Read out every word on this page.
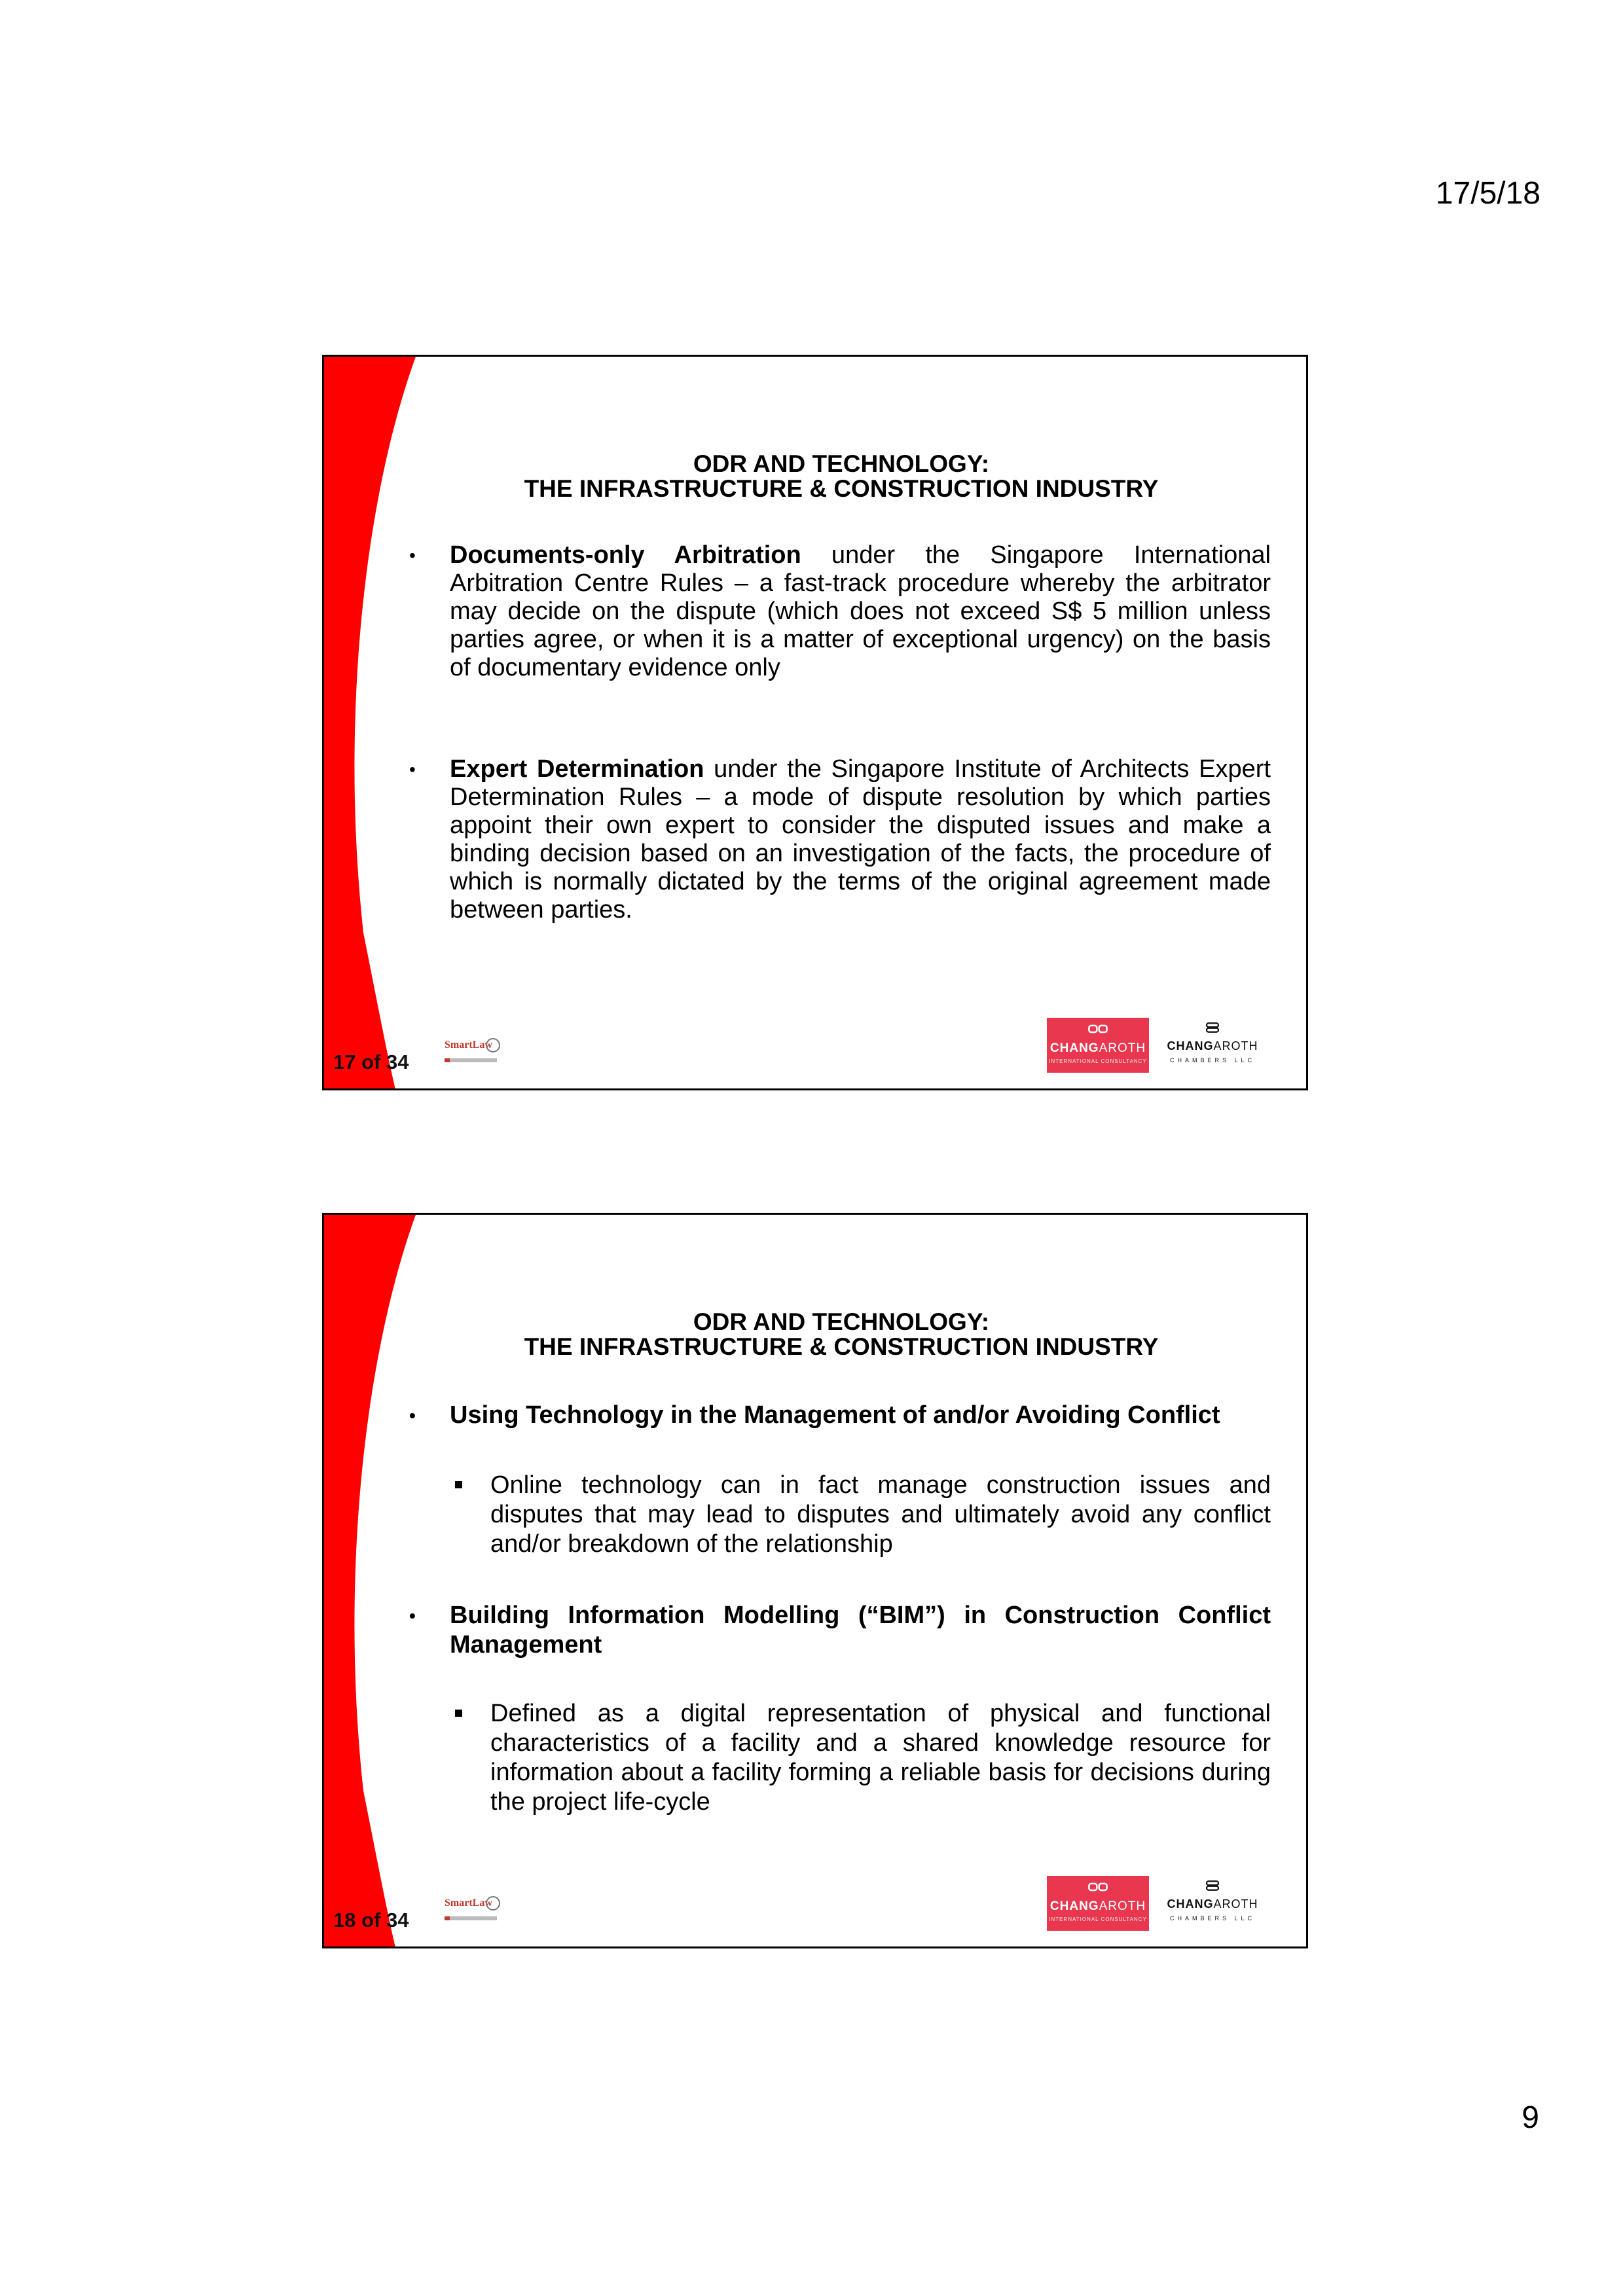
17/5/18
ODR AND TECHNOLOGY:
THE INFRASTRUCTURE & CONSTRUCTION INDUSTRY
• Documents-only Arbitration under the Singapore International Arbitration Centre Rules – a fast-track procedure whereby the arbitrator may decide on the dispute (which does not exceed S$ 5 million unless parties agree, or when it is a matter of exceptional urgency) on the basis of documentary evidence only
• Expert Determination under the Singapore Institute of Architects Expert Determination Rules – a mode of dispute resolution by which parties appoint their own expert to consider the disputed issues and make a binding decision based on an investigation of the facts, the procedure of which is normally dictated by the terms of the original agreement made between parties.
17 of 34
SmartLaw	CHANGAROTH
INTERNATIONAL CONSULTANCY
CHANGAROTH
CHAMBERS LLC
ODR AND TECHNOLOGY:
THE INFRASTRUCTURE & CONSTRUCTION INDUSTRY
• Using Technology in the Management of and/or Avoiding Conflict
Online technology can in fact manage construction issues and disputes that may lead to disputes and ultimately avoid any conflict and/or breakdown of the relationship
• Building Information Modelling (“BIM”) in Construction Conflict Management
Defined as a digital representation of physical and functional characteristics of a facility and a shared knowledge resource for information about a facility forming a reliable basis for decisions during the project life-cycle
18 of 34
SmartLaw	CHANGAROTH
INTERNATIONAL CONSULTANCY
CHANGAROTH
CHAMBERS LLC
9
